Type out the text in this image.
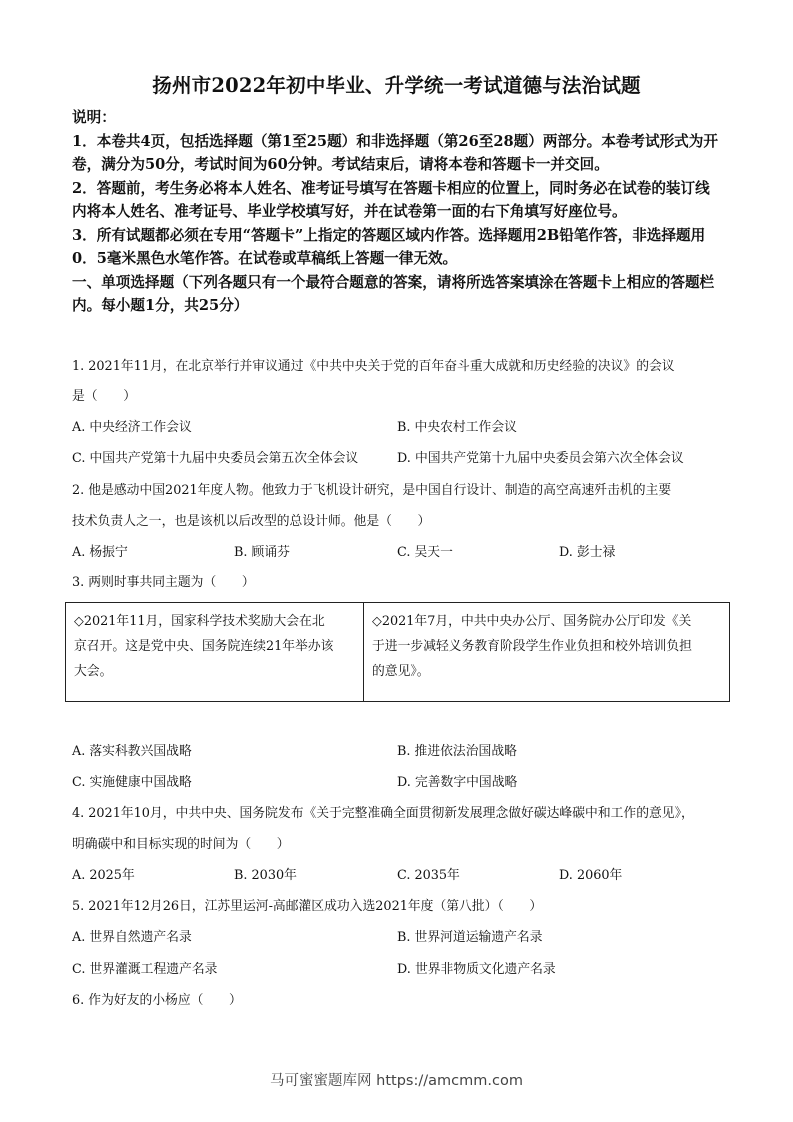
扬州市2022年初中毕业、升学统一考试道德与法治试题

说明：

1．本卷共4页，包括选择题（第1至25题）和非选择题（第26至28题）两部分。本卷考试形式为开卷，满分为50分，考试时间为60分钟。考试结束后，请将本卷和答题卡一并交回。

2．答题前，考生务必将本人姓名、准考证号填写在答题卡相应的位置上，同时务必在试卷的装订线内将本人姓名、准考证号、毕业学校填写好，并在试卷第一面的右下角填写好座位号。

3．所有试题都必须在专用“答题卡”上指定的答题区域内作答。选择题用2B铅笔作答，非选择题用0．5毫米黑色水笔作答。在试卷或草稿纸上答题一律无效。

一、单项选择题（下列各题只有一个最符合题意的答案，请将所选答案填涂在答题卡上相应的答题栏内。每小题1分，共25分）

1. 2021年11月，在北京举行并审议通过《中共中央关于党的百年奋斗重大成就和历史经验的决议》的会议
是（　　）
A. 中央经济工作会议	B. 中央农村工作会议
C. 中国共产党第十九届中央委员会第五次全体会议	D. 中国共产党第十九届中央委员会第六次全体会议
2. 他是感动中国2021年度人物。他致力于飞机设计研究，是中国自行设计、制造的高空高速歼击机的主要
技术负责人之一，也是该机以后改型的总设计师。他是（　　）
A. 杨振宁	B. 顾诵芬	C. 吴天一	D. 彭士禄
3. 两则时事共同主题为（　　）
◇2021年11月，国家科学技术奖励大会在北
京召开。这是党中央、国务院连续21年举办该
大会。
◇2021年7月，中共中央办公厅、国务院办公厅印发《关
于进一步减轻义务教育阶段学生作业负担和校外培训负担
的意见》。
A. 落实科教兴国战略	B. 推进依法治国战略
C. 实施健康中国战略	D. 完善数字中国战略
4. 2021年10月，中共中央、国务院发布《关于完整准确全面贯彻新发展理念做好碳达峰碳中和工作的意见》，
明确碳中和目标实现的时间为（　　）
A. 2025年	B. 2030年	C. 2035年	D. 2060年
5. 2021年12月26日，江苏里运河-高邮灌区成功入选2021年度（第八批）（　　）
A. 世界自然遗产名录	B. 世界河道运输遗产名录
C. 世界灌溉工程遗产名录	D. 世界非物质文化遗产名录
6. 作为好友的小杨应（　　）
马可蜜蜜题库网 https://amcmm.com
